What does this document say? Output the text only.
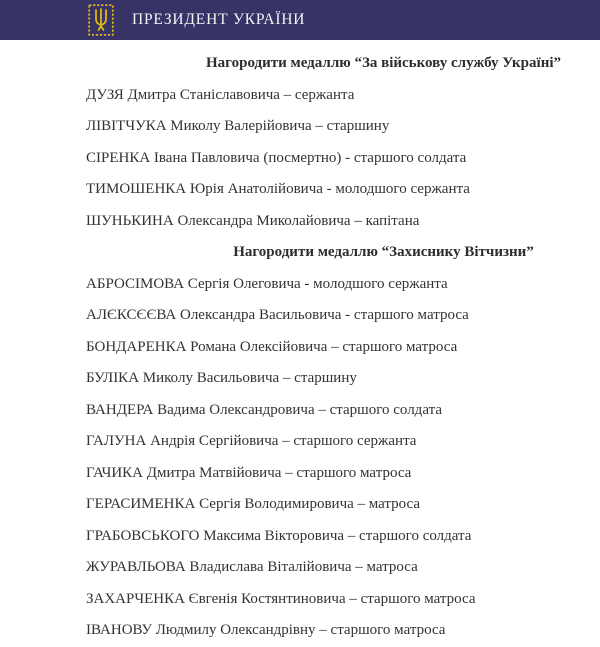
ПРЕЗИДЕНТ УКРАЇНИ
Нагородити медаллю “За військову службу Україні”

ДУЗЯ Дмитра Станіславовича – сержанта

ЛІВІТЧУКА Миколу Валерійовича – старшину

СІРЕНКА Івана Павловича (посмертно) - старшого солдата

ТИМОШЕНКА Юрія Анатолійовича - молодшого сержанта

ШУНЬКИНА Олександра Миколайовича – капітана

Нагородити медаллю “Захиснику Вітчизни”

АБРОСІМОВА Сергія Олеговича - молодшого сержанта

АЛЄКСЄЄВА Олександра Васильовича - старшого матроса

БОНДАРЕНКА Романа Олексійовича – старшого матроса

БУЛІКА Миколу Васильовича – старшину

ВАНДЕРА Вадима Олександровича – старшого солдата

ГАЛУНА Андрія Сергійовича – старшого сержанта

ГАЧИКА Дмитра Матвійовича – старшого матроса

ГЕРАСИМЕНКА Сергія Володимировича – матроса

ГРАБОВСЬКОГО Максима Вікторовича – старшого солдата

ЖУРАВЛЬОВА Владислава Віталійовича – матроса

ЗАХАРЧЕНКА Євгенія Костянтиновича – старшого матроса

ІВАНОВУ Людмилу Олександрівну – старшого матроса
